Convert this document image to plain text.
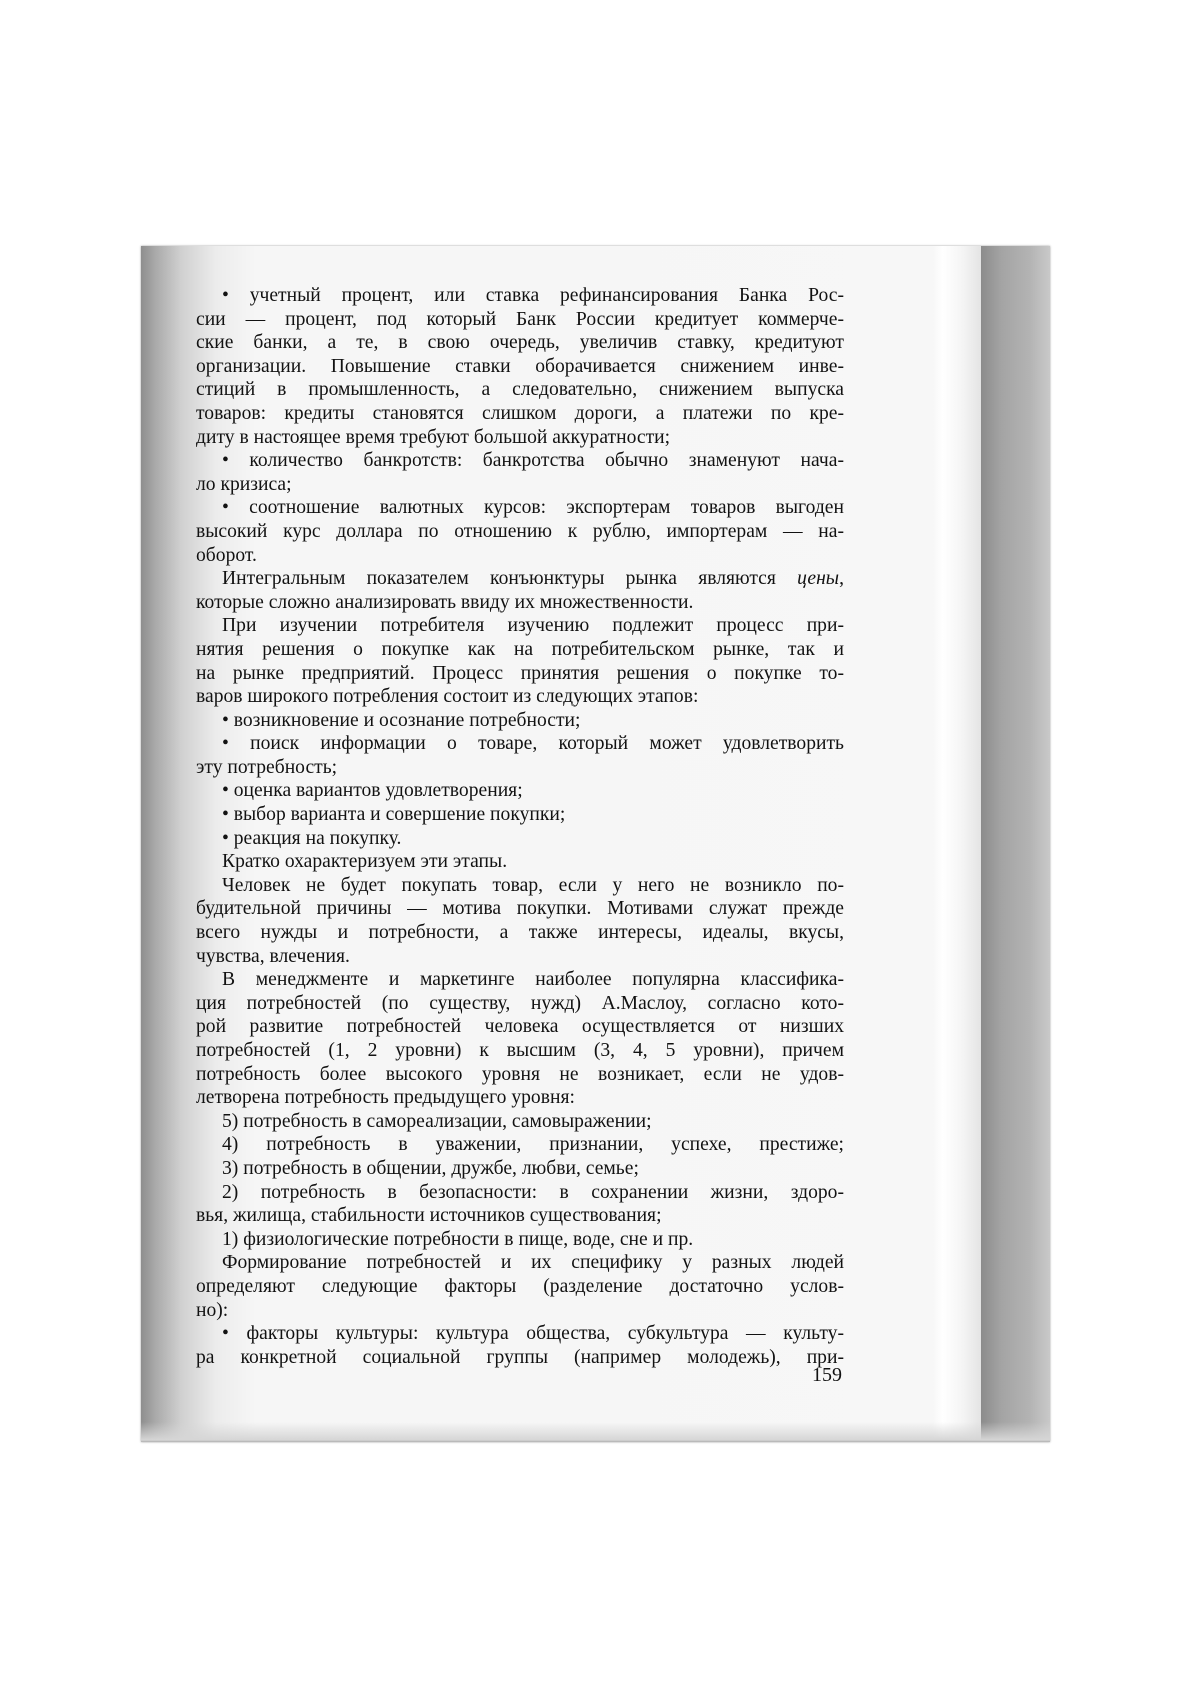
• учетный процент, или ставка рефинансирования Банка Рос-
сии — процент, под который Банк России кредитует коммерче-
ские банки, а те, в свою очередь, увеличив ставку, кредитуют
организации. Повышение ставки оборачивается снижением инве-
стиций в промышленность, а следовательно, снижением выпуска
товаров: кредиты становятся слишком дороги, а платежи по кре-
диту в настоящее время требуют большой аккуратности;
• количество банкротств: банкротства обычно знаменуют нача-
ло кризиса;
• соотношение валютных курсов: экспортерам товаров выгоден
высокий курс доллара по отношению к рублю, импортерам — на-
оборот.
Интегральным показателем конъюнктуры рынка являются цены,
которые сложно анализировать ввиду их множественности.
При изучении потребителя изучению подлежит процесс при-
нятия решения о покупке как на потребительском рынке, так и
на рынке предприятий. Процесс принятия решения о покупке то-
варов широкого потребления состоит из следующих этапов:
• возникновение и осознание потребности;
• поиск информации о товаре, который может удовлетворить
эту потребность;
• оценка вариантов удовлетворения;
• выбор варианта и совершение покупки;
• реакция на покупку.
Кратко охарактеризуем эти этапы.
Человек не будет покупать товар, если у него не возникло по-
будительной причины — мотива покупки. Мотивами служат прежде
всего нужды и потребности, а также интересы, идеалы, вкусы,
чувства, влечения.
В менеджменте и маркетинге наиболее популярна классифика-
ция потребностей (по существу, нужд) А.Маслоу, согласно кото-
рой развитие потребностей человека осуществляется от низших
потребностей (1, 2 уровни) к высшим (3, 4, 5 уровни), причем
потребность более высокого уровня не возникает, если не удов-
летворена потребность предыдущего уровня:
5) потребность в самореализации, самовыражении;
4) потребность в уважении, признании, успехе, престиже;
3) потребность в общении, дружбе, любви, семье;
2) потребность в безопасности: в сохранении жизни, здоро-
вья, жилища, стабильности источников существования;
1) физиологические потребности в пище, воде, сне и пр.
Формирование потребностей и их специфику у разных людей
определяют следующие факторы (разделение достаточно услов-
но):
• факторы культуры: культура общества, субкультура — культу-
ра конкретной социальной группы (например молодежь), при-
159
